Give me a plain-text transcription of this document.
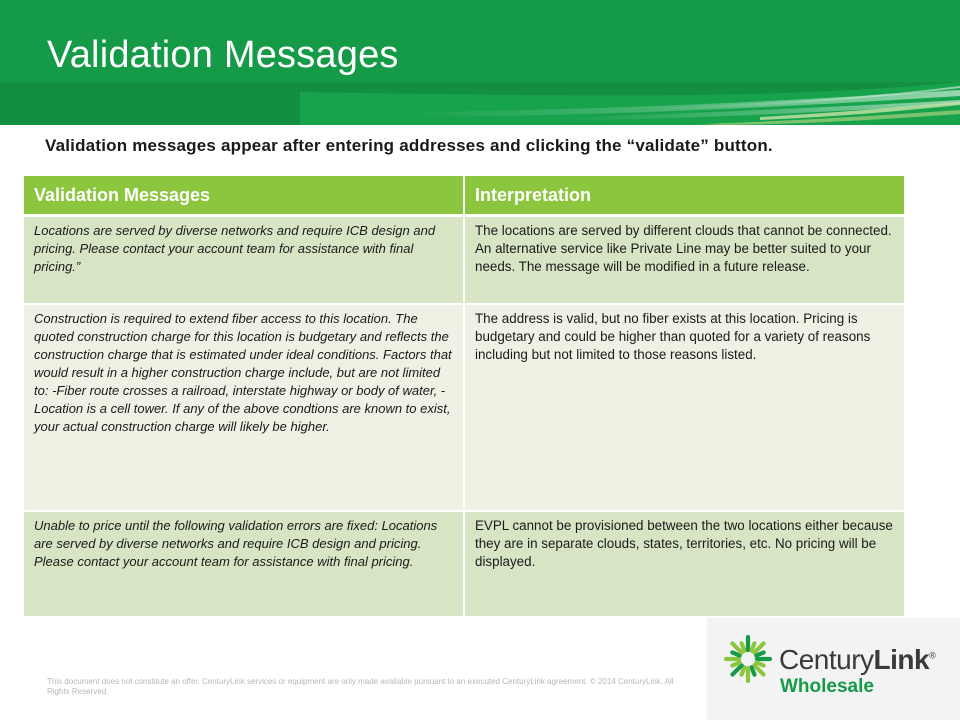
Validation Messages
Validation messages appear after entering addresses and clicking the “validate” button.
Validation Messages	Interpretation
Locations are served by diverse networks and require ICB design and pricing. Please contact your account team for assistance with final pricing.”	The locations are served by different clouds that cannot be connected. An alternative service like Private Line may be better suited to your needs. The message will be modified in a future release.
Construction is required to extend fiber access to this location. The quoted construction charge for this location is budgetary and reflects the construction charge that is estimated under ideal conditions. Factors that would result in a higher construction charge include, but are not limited to: -Fiber route crosses a railroad, interstate highway or body of water, -Location is a cell tower. If any of the above condtions are known to exist, your actual construction charge will likely be higher.	The address is valid, but no fiber exists at this location. Pricing is budgetary and could be higher than quoted for a variety of reasons including but not limited to those reasons listed.
Unable to price until the following validation errors are fixed: Locations are served by diverse networks and require ICB design and pricing. Please contact your account team for assistance with final pricing.	EVPL cannot be provisioned between the two locations either because they are in separate clouds, states, territories, etc. No pricing will be displayed.
This document does not constitute an offer. CenturyLink services or equipment are only made available pursuant to an executed CenturyLink agreement. © 2014 CenturyLink. All Rights Reserved.
CenturyLink®
Wholesale
